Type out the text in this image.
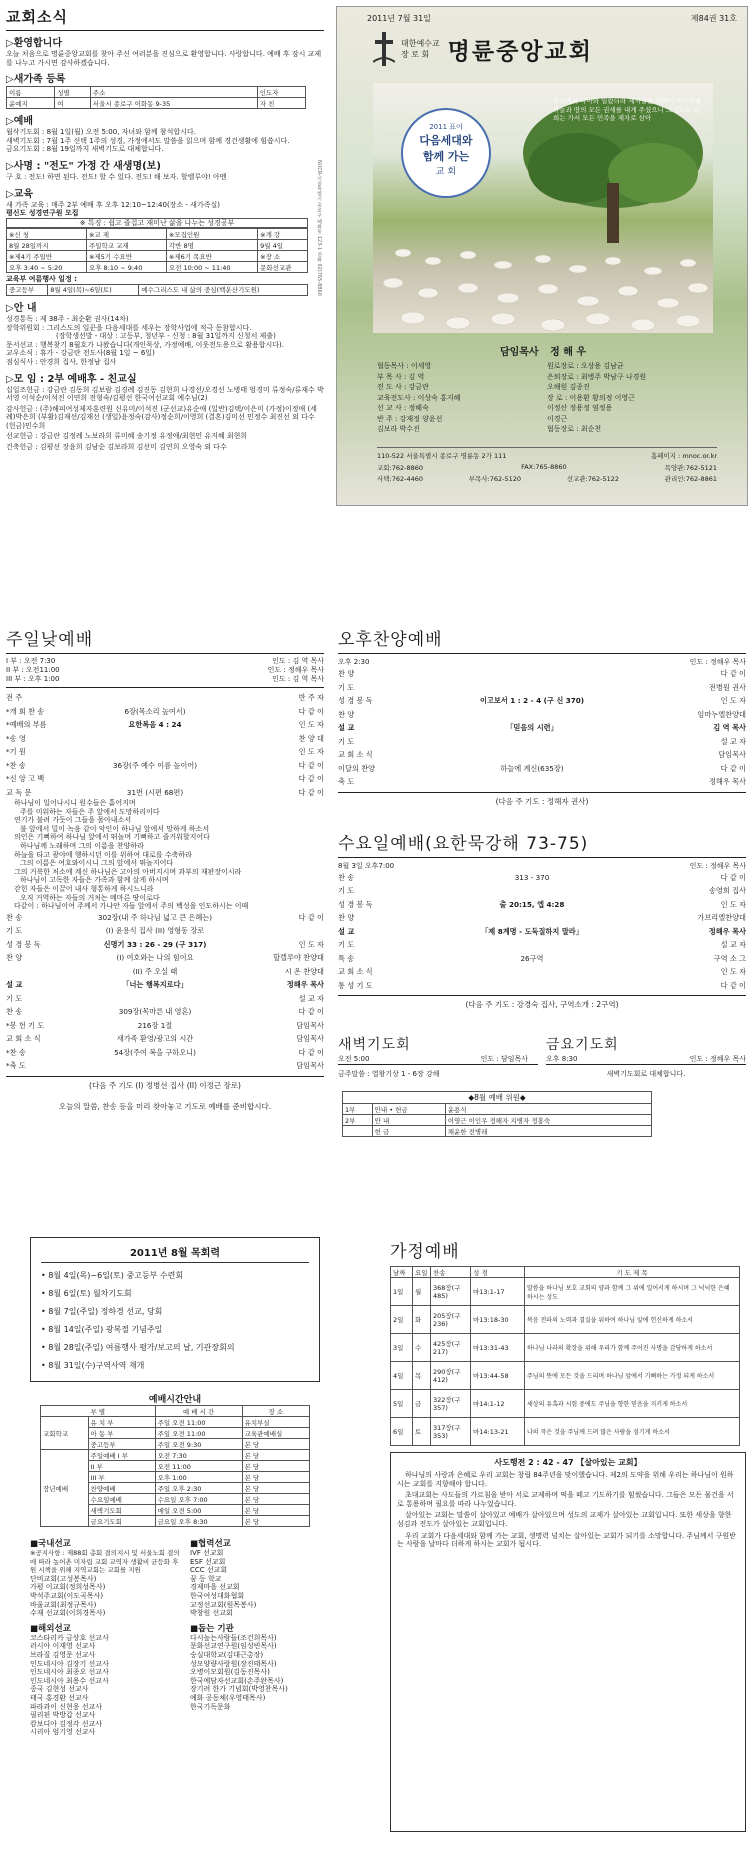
교회소식
▷환영합니다
오늘 처음으로 명륜중앙교회를 찾아 주신 여러분을 진심으로 환영합니다. 사랑합니다. 예배 후 잠시 교제를 나누고 가시면 감사하겠습니다.
▷새가족 등록
이름	성별	주소	인도자
윤예지	여	서울시 종로구 이화동 9-35	자 친
▷예배
월삭기도회 : 8월 1일(월) 오전 5:00, 자녀와 함께 참석합시다.
새벽기도회 : 7월 1주 선택 1주의 성경, 가정에서도 말씀을 읽으며 함께 경건생활에 힘씁시다.
금요기도회 : 8월 19일까지 새벽기도로 대체합니다.
▷사명 : "전도" 가정 간 새생명(보)
구 호 : 전도! 하면 된다. 전도! 할 수 있다. 전도! 해 보자. 할렐루야! 아멘
▷교육
새 가족 교육 : 매주 2부 예배 후 오후 12:10~12:40(장소 - 새가족실)
평신도 성경연구원 모집
※ 특징 : 쉽고 즐겁고 재미난 삶을 나누는 성경공부
※신 청	※교 재	※모집인원	※개 강
8월 28일까지	주일학교 교재	각반 8명	9월 4일
※제4기 주일반	※제5기 수요반	※제6기 목요반	※장 소
오후 3:40 ~ 5:20	오후 8:10 ~ 9:40	오전 10:00 ~ 11:40	문화선교관
교육부 여름행사 일정 :
중고등부	8월 4일(목)~6일(토)	예수그리스도 내 삶의 중심(백운산기도원)
▷안 내
성경통독 : 제 38주 - 최순환 권사(14차)
장학위원회 : 그리스도의 일꾼을 다음세대를 세우는 장학사업에 적극 동참합시다.
(장학생선발 - 대상 : 고등부, 청년부 - 신청 : 8월 31일까지 신청서 제출)
문서선교 : 행복찾기 8월호가 나왔습니다(개인묵상, 가정예배, 이웃전도용으로 활용합시다).
교우소식 : 휴가 - 강금란 전도사(8월 1일 ~ 6일)
점심식사 : 안경희 집사, 한정남 집사
▷모 임 : 2부 예배후 - 친교실
십일조헌금 : 강금란 김동희 김보람 김경례 김진동 김현희 나경선/오경선 노병태 엄경미 류정숙/류재수 박서영 이석순/이석진 이연희 전형숙/김평선 한국여선교회 예수님(2)
감사헌금 : (주)해피여성제자훈련원 신유미/이석진 (군선교)유순애 (일반)김택/이은미 (가정)이정애 (세례)박은희 (부활)김재선/김재선 (생일)윤정숙(감사)정순희/이영희 (결혼)김미선 민정수 최진선 외 다수 (헌금)민수희
선교헌금 : 강금란 김정례 노보라희 류미혜 송기정 유정애/최현민 유지혜 최현희
건축헌금 : 김평선 장윤희 김남순 김보라희 김선미 김연희 오영숙 외 다수
NUCR-서울특별시 종로구 혜화동 123-1 전화 02)765-8860
2011년 7월 31일	제84권 31호
대한예수교
장 로 회 명륜중앙교회
2011 표어
다음세대와
함께 가는
교 회
주님께서 나아와 일렀더라 제자들을 향하여 이르기를 하늘과 땅의 모든 권세를 내게 주셨으니 그러므로 너희는 가서 모든 민족을 제자로 삼아
담임목사 정 해 우
협동목사 : 이세영	원로장로 : 오상용 김남균
부 목 사 : 김 역	은퇴장로 : 최병주 박남구 나경원
전 도 사 : 강금란	오해원 김종진
교육전도사 : 이상숙 홍지혜	장 로 : 이용환 황의정 이영근
선 교 사 : 정혜숙	이정산 정용정 염정용
반 주 : 강재정 양윤선	이경근
김보라 박수진	협동장로 : 최순천
110-522 서울특별시 종로구 명륜동 2가 111	홈페이지 : mnoc.or.kr
교회:762-8860	FAX:765-8860	목양관:762-5121
사택:762-4460	부목사:762-5120	선교관:762-5122	관리인:762-8861
주일낮예배
I 부 : 오전 7:30	인도 : 김 역 목사
II 부 : 오전11:00	인도 : 정해우 목사
III 부 : 오후 1:00	인도 : 김 역 목사
전 주	반 주 자
*개 회 찬 송	6장(목소리 높여서)	다 같 이
*예배의 부름	요한복음 4 : 24	인 도 자
*송 영	찬 양 대
*기 원	인 도 자
*찬 송	36장(주 예수 이름 높이어)	다 같 이
*신 앙 고 백	다 같 이
교 독 문	31번 (시편 68편)	다 같 이
하나님이 일어나시니 원수들은 흩어지며
주를 미워하는 자들은 주 앞에서 도망하리이다
연기가 불려 가듯이 그들을 몰아내소서
불 앞에서 밀이 녹음 같이 악인이 하나님 앞에서 망하게 하소서
의인은 기뻐하여 하나님 앞에서 뛰놀며 기뻐하고 즐거워할지어다
하나님께 노래하며 그의 이름을 찬양하라
하늘을 타고 광야에 행하시던 이를 위하여 대로를 수축하라
그의 이름은 여호와이시니 그의 앞에서 뛰놀지어다
그의 거룩한 처소에 계신 하나님은 고아의 아버지시며 과부의 재판장이시라
하나님이 고독한 자들은 가족과 함께 살게 하시며
갇힌 자들은 이끌어 내사 형통하게 하시느니라
오직 거역하는 자들의 거처는 메마른 땅이로다
다같이 : 하나님이여 주께서 가나안 자들 앞에서 주의 백성을 인도하시는 이때
찬 송	302장(내 주 하나님 넓고 큰 은혜는)	다 같 이
기 도	(I) 윤용식 집사 (II) 영형동 장로
성 경 봉 독	신명기 33 : 26 - 29 (구 317)	인 도 자
찬 양	(I) 여호와는 나의 힘이요	할렐루야 찬양대
(II) 주 오실 때	시 온 찬양대
설 교	「너는 행복지로다」	정해우 목사
기 도	설 교 자
찬 송	309장(목마른 내 영혼)	다 같 이
*봉 헌 기 도	216장 1절	담임목사
교 회 소 식	새가족 환영/광고의 시간	담임목사
*찬 송	54장(주여 복을 구하오니)	다 같 이
*축 도	담임목사
(다음 주 기도 (I) 정병선 집사 (II) 이정근 장로)
오늘의 말씀, 찬송 등을 미리 찾아놓고 기도로 예배를 준비합시다.
오후찬양예배
오후 2:30	인도 : 정해우 목사
찬 양	다 같 이
기 도	전병원 권사
성 경 봉 독	이고보서 1 : 2 - 4 (구 신 370)	인 도 자
찬 양	임마누엘찬양대
설 교	「믿음의 시련」	김 역 목사
기 도	설 교 자
교 회 소 식	담임목사
이달의 찬양	하늘에 계신(635장)	다 같 이
축 도	정해우 목사
(다음 주 기도 : 정해자 권사)
수요일예배(요한묵강해 73-75)
8월 3일 오후7:00	인도 : 정해우 목사
찬 송	313 - 370	다 같 이
기 도	송영희 집사
성 경 봉 독	출 20:15, 엡 4:28	인 도 자
찬 양	가브리엘찬양대
설 교	「제 8계명 - 도둑질하지 말라」	정해우 목사
기 도	설 교 자
특 송	26구역	구역 소 그
교 회 소 식	인 도 자
통 성 기 도	다 같 이
(다음 주 기도 : 강경숙 집사, 구역소개 : 2구역)
새벽기도회
오전 5:00	인도 : 담임목사
금주말씀 : 열왕기상 1 - 6장 강해
금요기도회
오후 8:30	인도 : 정해우 목사
새벽기도회로 대체합니다.
◆8월 예배 위원◆
1부	안내 • 헌금	윤용식
2부	안 내	이영근 이인우 정해자 지병자 정홍숙
	헌 금	채윤한 전병래
2011년 8월 목회력
• 8월 4일(목)~6일(토) 중고등부 수련회
• 8월 6일(토) 월차기도회
• 8월 7일(주일) 정하경 선교, 당회
• 8월 14일(주일) 광복절 기념주일
• 8월 28일(주일) 여름행사 평가/보고의 날, 기관장회의
• 8월 31일(수)구역사역 재개
예배시간안내
부 별		예 배 시 간	장 소
교회학교	유 치 부	주일 오전 11:00	유치부실
	아 동 부	주일 오전 11:00	교육관예배실
	중고등부	주일 오전 9:30	본 당
장년예배	주일예배 I 부	오전 7:30	본 당
	II 부	오전 11:00	본 당
	III 부	오후 1:00	본 당
	찬양예배	주일 오후 2:30	본 당
	수요일예배	수요일 오후 7:00	본 당
	새벽기도회	매일 오전 5:00	본 당
	금요기도회	금요일 오후 8:30	본 당
■국내선교
※공지사항 : 제88회 총회 결의지시 및 서울노회 결의에 따라 농어촌 미자립 교회 교역자 생활비 균등화 후원 시책을 위해 지역교회는 교회를 지원
단비교회(고성봉목사)
가평 이교회(정희성목사)
박석주교회(이도곡목사)
바울교회(최정규목사)
수재 선교회(이희경목사)
■해외선교
코스타리카 금상호 선교사
러시아 이재영 선교사
브라질 김영문 선교사
인도네시아 김장기 선교사
인도네시아 최종오 선교사
인도네시아 최용수 선교사
중국 김현성 선교사
태국 홍경환 선교사
파라과이 신현웅 선교사
필리핀 박방갑 선교사
캄보디아 김정각 선교사
시리아 엄기영 선교사
■협력선교
IVF 선교회
ESF 선교회
CCC 선교회
꿈 등 학교
경제마을 선교회
한국여성대화협회
교정선교회(원목봉사)
박창원 선교회
■돕는 기관
다시높는사람들(조건희목사)
문화선교연구원(임성빈목사)
숭실대학교(김대근총장)
성모양량사랑원(장진태목사)
오병이모회원(김동진목사)
한국예담자선교회(손주완목사)
장기려 한가 기념회(박영찬목사)
예화 공동체(우영태목사)
한국기독문화
가정예배
날짜	요일	찬송	성 경	기 도 제 목
1일	월	368장(구 485)	마13:1-17	말씀을 하나님 보호 교회의 양과 함께 그 위에 일어서게 하시며 그 넉넉한 은혜 하시는 성도
2일	화	205장(구 236)	마13:18-30	복음 전파의 노력과 결실을 위하여 하나님 앞에 헌신하게 하소서
3일	수	425장(구 217)	마13:31-43	하나님 나라의 확장을 위해 우리가 함께 주어진 사명을 감당하게 하소서
4일	목	290장(구 412)	마13:44-58	주님의 뜻에 모든 것을 드리며 하나님 앞에서 기뻐하는 가정 되게 하소서
5일	금	322장(구 357)	마14:1-12	세상의 유혹과 시험 중에도 주님을 향한 믿음을 지키게 하소서
6일	토	317장(구 353)	마14:13-21	나의 작은 것을 주님께 드려 많은 사람을 섬기게 하소서
사도행전 2 : 42 - 47 【살아있는 교회】
하나님의 사랑과 은혜로 우리 교회는 창립 84주년을 맞이했습니다. 제2의 도약을 위해 우리는 하나님이 원하시는 교회를 지향해야 합니다.
초대교회는 사도들의 가르침을 받아 서로 교제하며 떡을 떼고 기도하기를 힘썼습니다. 그들은 모든 물건을 서로 통용하며 필요를 따라 나누었습니다.
살아있는 교회는 말씀이 살아있고 예배가 살아있으며 성도의 교제가 살아있는 교회입니다. 또한 세상을 향한 섬김과 전도가 살아있는 교회입니다.
우리 교회가 다음세대와 함께 가는 교회, 생명력 넘치는 살아있는 교회가 되기를 소망합니다. 주님께서 구원받는 사람을 날마다 더하게 하시는 교회가 됩시다.
